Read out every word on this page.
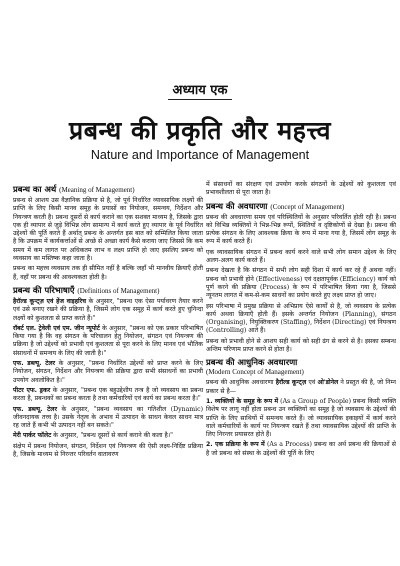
अध्याय एक
प्रबन्ध की प्रकृति और महत्त्व
Nature and Importance of Management
प्रबन्ध का अर्थ (Meaning of Management)

प्रबन्ध से आशय उस वैज्ञानिक प्रक्रिया से है, जो पूर्व निर्धारित व्यावसायिक लक्ष्यों की प्राप्ति के लिए किसी मानव समूह के प्रयासों का नियोजन, समन्वय, निर्देशन और नियन्त्रण करती है। प्रबन्ध दूसरों से कार्य कराने का एक सशक्त माध्यम है, जिसके द्वारा एक ही व्यापार से जुड़े विभिन्न लोग सामान्य में कार्य करते हुए व्यापार के पूर्व निर्धारित उद्देश्यों की पूर्ति करते हैं अर्थात् प्रबन्ध के अन्तर्गत इस बात को सम्मिलित किया जाता है कि उपक्रम में कार्यकर्त्ताओं से अच्छे से अच्छा कार्य कैसे कराया जाए जिससे कि कम समय में कम लागत पर अधिकतम लाभ व लक्ष्य प्राप्ति हो जाए इसलिए प्रबन्ध को व्यवसाय का मस्तिष्क कहा जाता है।

प्रबन्ध का महत्त्व व्यवसाय तक ही सीमित नहीं है बल्कि जहाँ भी मानवीय क्रियाएँ होती हैं, वहाँ पर प्रबन्ध की आवश्यकता होती है।

प्रबन्ध की परिभाषाएँ (Definitions of Management)

हैरॉल्ड कून्ट्ज़ एवं हेंज वाइहरिच के अनुसार, "प्रबन्ध एक ऐसा पर्यावरण तैयार करने एवं उसे बनाए रखने की प्रक्रिया है, जिसमें लोग एक समूह में कार्य करते हुए चुनिन्दा लक्ष्यों को कुशलता से प्राप्त करते हैं।"

रॉबर्ट एल. ट्रेवेली एवं एम. जीन न्यूपोर्ट के अनुसार, "प्रबन्ध को एक प्रकार परिभाषित किया गया है कि वह संगठन के परिचालन हेतु नियोजन, संगठन एवं नियन्त्रण की प्रक्रिया है जो उद्देश्यों को प्रभावी एवं कुशलता से पूरा करने के लिए मानव एवं भौतिक संसाधनों में समन्वय के लिए की जाती है।"

एफ. डब्ल्यू. टेलर के अनुसार, "प्रबन्ध निर्धारित उद्देश्यों को प्राप्त करने के लिए नियोजन, संगठन, निर्देशन और नियन्त्रण की प्रक्रिया द्वारा सभी संसाधनों का प्रभावी उपयोग अवलोकित है।"

पीटर एफ. ड्रकर के अनुसार, "प्रबन्ध एक बहुउद्देशीय तन्त्र है जो व्यवसाय का प्रबन्ध करता है, प्रबन्धकों का प्रबन्ध करता है तथा कर्मचारियों एवं कार्य का प्रबन्ध करता है।"

एफ. डब्ल्यू. टेलर के अनुसार, "प्रबन्ध व्यवसाय का गतिशील (Dynamic) जीवनदायक तत्त्व है। उसके नेतृत्व के अभाव में उत्पादन के साधन केवल साधन मात्र रह जाते हैं कभी भी उत्पादन नहीं बन सकते।"

मेरी पार्कर फॉलेट के अनुसार, "प्रबन्ध दूसरों से कार्य कराने की कला है।"

संक्षेप में प्रबन्ध नियोजन, संगठन, निर्देशन एवं नियन्त्रण की ऐसी लक्ष्य-निर्दिष्ट प्रक्रिया है, जिसके माध्यम से निरन्तर परिवर्तन वातावरण

में संसाधनों का संरक्षण एवं उपयोग करके संगठनों के उद्देश्यों को कुशलता एवं प्रभावशीलता से पूरा जाता है।

प्रबन्ध की अवधारणा (Concept of Management)

प्रबन्ध की अवधारणा समय एवं परिस्थितियों के अनुसार परिवर्तित होती रही है। प्रबन्ध को विभिन्न व्यक्तियों ने भिन्न-भिन्न रूपों, स्थितियों व दृष्टिकोणों से देखा है। प्रबन्ध की प्रत्येक संगठन के लिए आवश्यक क्रिया के रूप में माना गया है, जिसमें लोग समूह के रूप में कार्य करते हैं।

एक व्यावसायिक संगठन में प्रबन्ध कार्य करने वाले सभी लोग समान उद्देश्य के लिए अलग-अलग कार्य करते हैं।

प्रबन्ध देखता है कि संगठन में सभी लोग सही दिशा में कार्य कर रहे हैं अथवा नहीं। प्रबन्ध को प्रभावी होने (Effectiveness) एवं दक्षतापूर्वक (Efficiency) कार्य को पूर्ण करने की प्रक्रिया (Process) के रूप में परिभाषित किया गया है, जिससे न्यूनतम लागत में कम-से-कम साधनों का प्रयोग करते हुए लक्ष्य प्राप्त हो जाए।

इस परिभाषा में प्रमुख प्रक्रिया से अभिप्राय ऐसे कार्यों से है, जो व्यवसाय के प्रत्येक कार्य अथवा क्रियाएँ होती हैं। इसके अन्तर्गत नियोजन (Planning), संगठन (Organising), नियुक्तिकरण (Staffing), निर्देशन (Directing) एवं नियन्त्रण (Controlling) आते हैं।

प्रबन्ध को प्रभावी होने से आशय सही कार्य को सही ढंग से करने से है। इसका सम्बन्ध अन्तिम परिणाम प्राप्त करने से होता है।

प्रबन्ध की आधुनिक अवधारणा
(Modern Concept of Management)

प्रबन्ध की आधुनिक अवधारणा हैरॉल्ड कून्ट्ज़ एवं ओ'डोनेल ने प्रस्तुत की है, जो निम्न प्रकार से है—

1. व्यक्तियों के समूह के रूप में (As a Group of People) प्रबन्ध किसी व्यक्ति विशेष पर लागू नहीं होता प्रबन्ध उन व्यक्तियों का समूह है जो व्यवसाय के उद्देश्यों की प्राप्ति के लिए साथियों में समन्वय करते हैं। जो व्यावसायिक इकाइयों में कार्य करने वाले कर्मचारियों के कार्य पर नियन्त्रण रखते हैं तथा व्यावसायिक उद्देश्यों की प्राप्ति के लिए निरन्तर प्रयासरत होते हैं।

2. एक प्रक्रिया के रूप में (As a Process) प्रबन्ध का अर्थ प्रबन्ध की क्रियाओं से है जो प्रबन्ध को संस्था के उद्देश्यों की पूर्ति के लिए
